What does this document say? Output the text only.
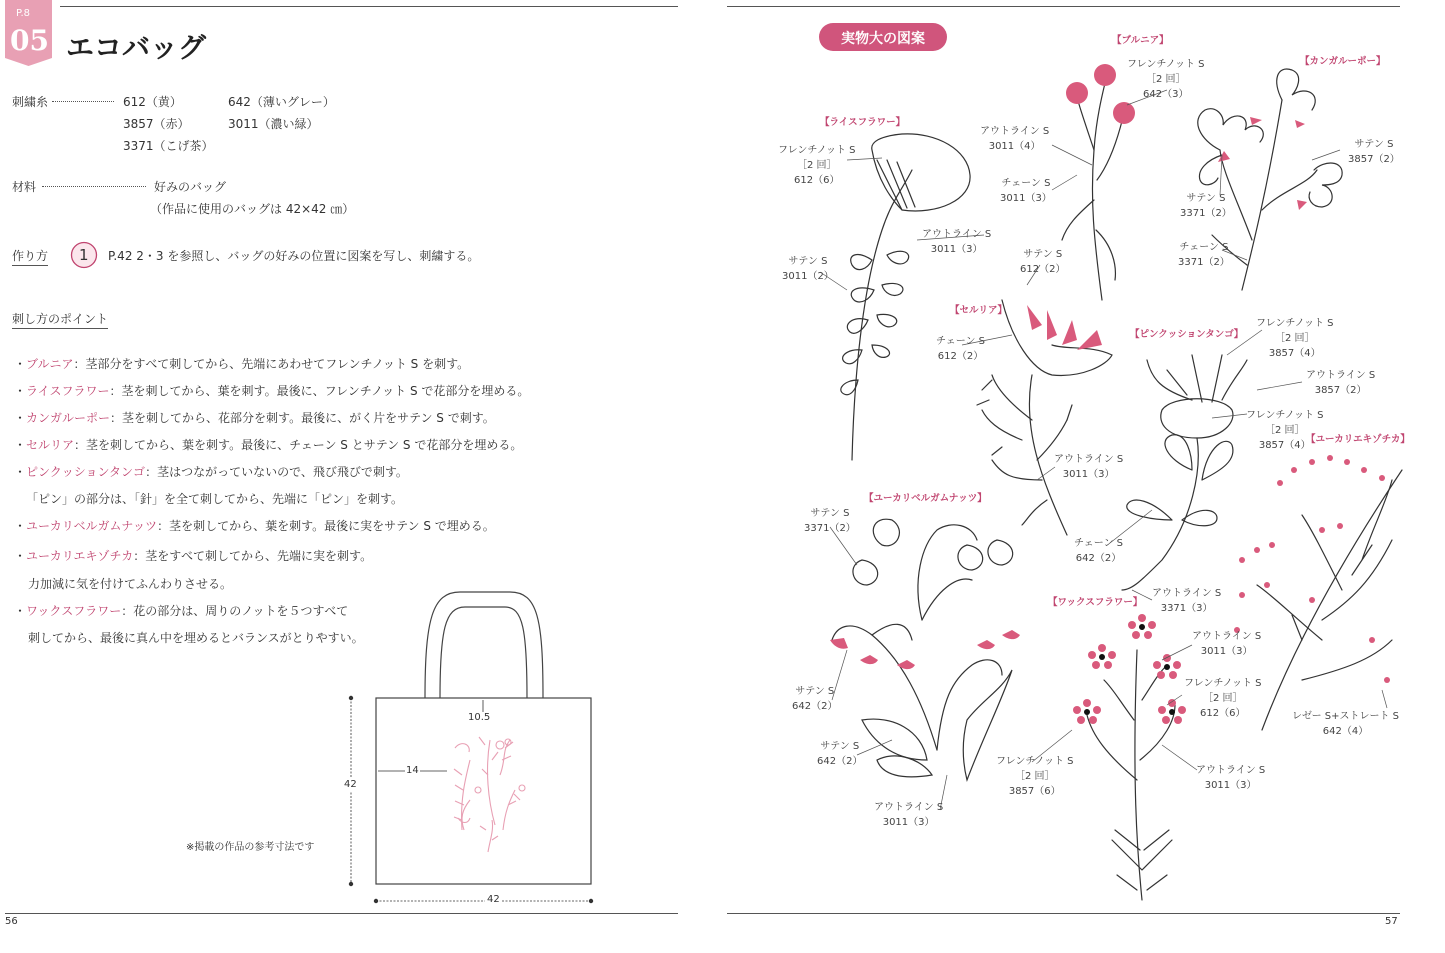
P.8
05 エコバッグ
刺繍糸	612（黄）	642（薄いグレー）
3857（赤）	3011（濃い緑）
3371（こげ茶）
材料	好みのバッグ
（作品に使用のバッグは 42×42 ㎝）
作り方 1 P.42 2・3 を参照し、バッグの好みの位置に図案を写し、刺繍する。
刺し方のポイント
・ブルニア：茎部分をすべて刺してから、先端にあわせてフレンチノット S を刺す。
・ライスフラワー：茎を刺してから、葉を刺す。最後に、フレンチノット S で花部分を埋める。
・カンガルーポー：茎を刺してから、花部分を刺す。最後に、がく片をサテン S で刺す。
・セルリア：茎を刺してから、葉を刺す。最後に、チェーン S とサテン S で花部分を埋める。
・ピンクッションタンゴ：茎はつながっていないので、飛び飛びで刺す。
「ピン」の部分は、「針」を全て刺してから、先端に「ピン」を刺す。
・ユーカリベルガムナッツ：茎を刺してから、葉を刺す。最後に実をサテン S で埋める。
・ユーカリエキゾチカ：茎をすべて刺してから、先端に実を刺す。
力加減に気を付けてふんわりさせる。
・ワックスフラワー：花の部分は、周りのノットを５つすべて
刺してから、最後に真ん中を埋めるとバランスがとりやすい。
10.5
14
42
42
※掲載の作品の参考寸法です
56
実物大の図案	【ブルニア】
【カンガルーポー】
【ライスフラワー】
【セルリア】
【ピンクッションタンゴ】
【ユーカリエキゾチカ】
【ユーカリベルガムナッツ】
【ワックスフラワー】
フレンチノット S
［2 回］
642（3）
アウトライン S
3011（4）
チェーン S
3011（3）
サテン S
3857（2）
サテン S
3371（2）
チェーン S
3371（2）
フレンチノット S
［2 回］
612（6）
アウトライン S
3011（3）
サテン S
3011（2）
サテン S
612（2）
チェーン S
612（2）
フレンチノット S
［2 回］
3857（4）
アウトライン S
3857（2）
フレンチノット S
［2 回］
3857（4）
アウトライン S
3011（3）
サテン S
3371（2）
チェーン S
642（2）
アウトライン S
3371（3）
アウトライン S
3011（3）
フレンチノット S
［2 回］
612（6）	レゼー S+ストレート S
642（4）
サテン S
642（2）
サテン S
642（2）	フレンチノット S
［2 回］
3857（6）
アウトライン S
3011（3）
アウトライン S
3011（3）
57
